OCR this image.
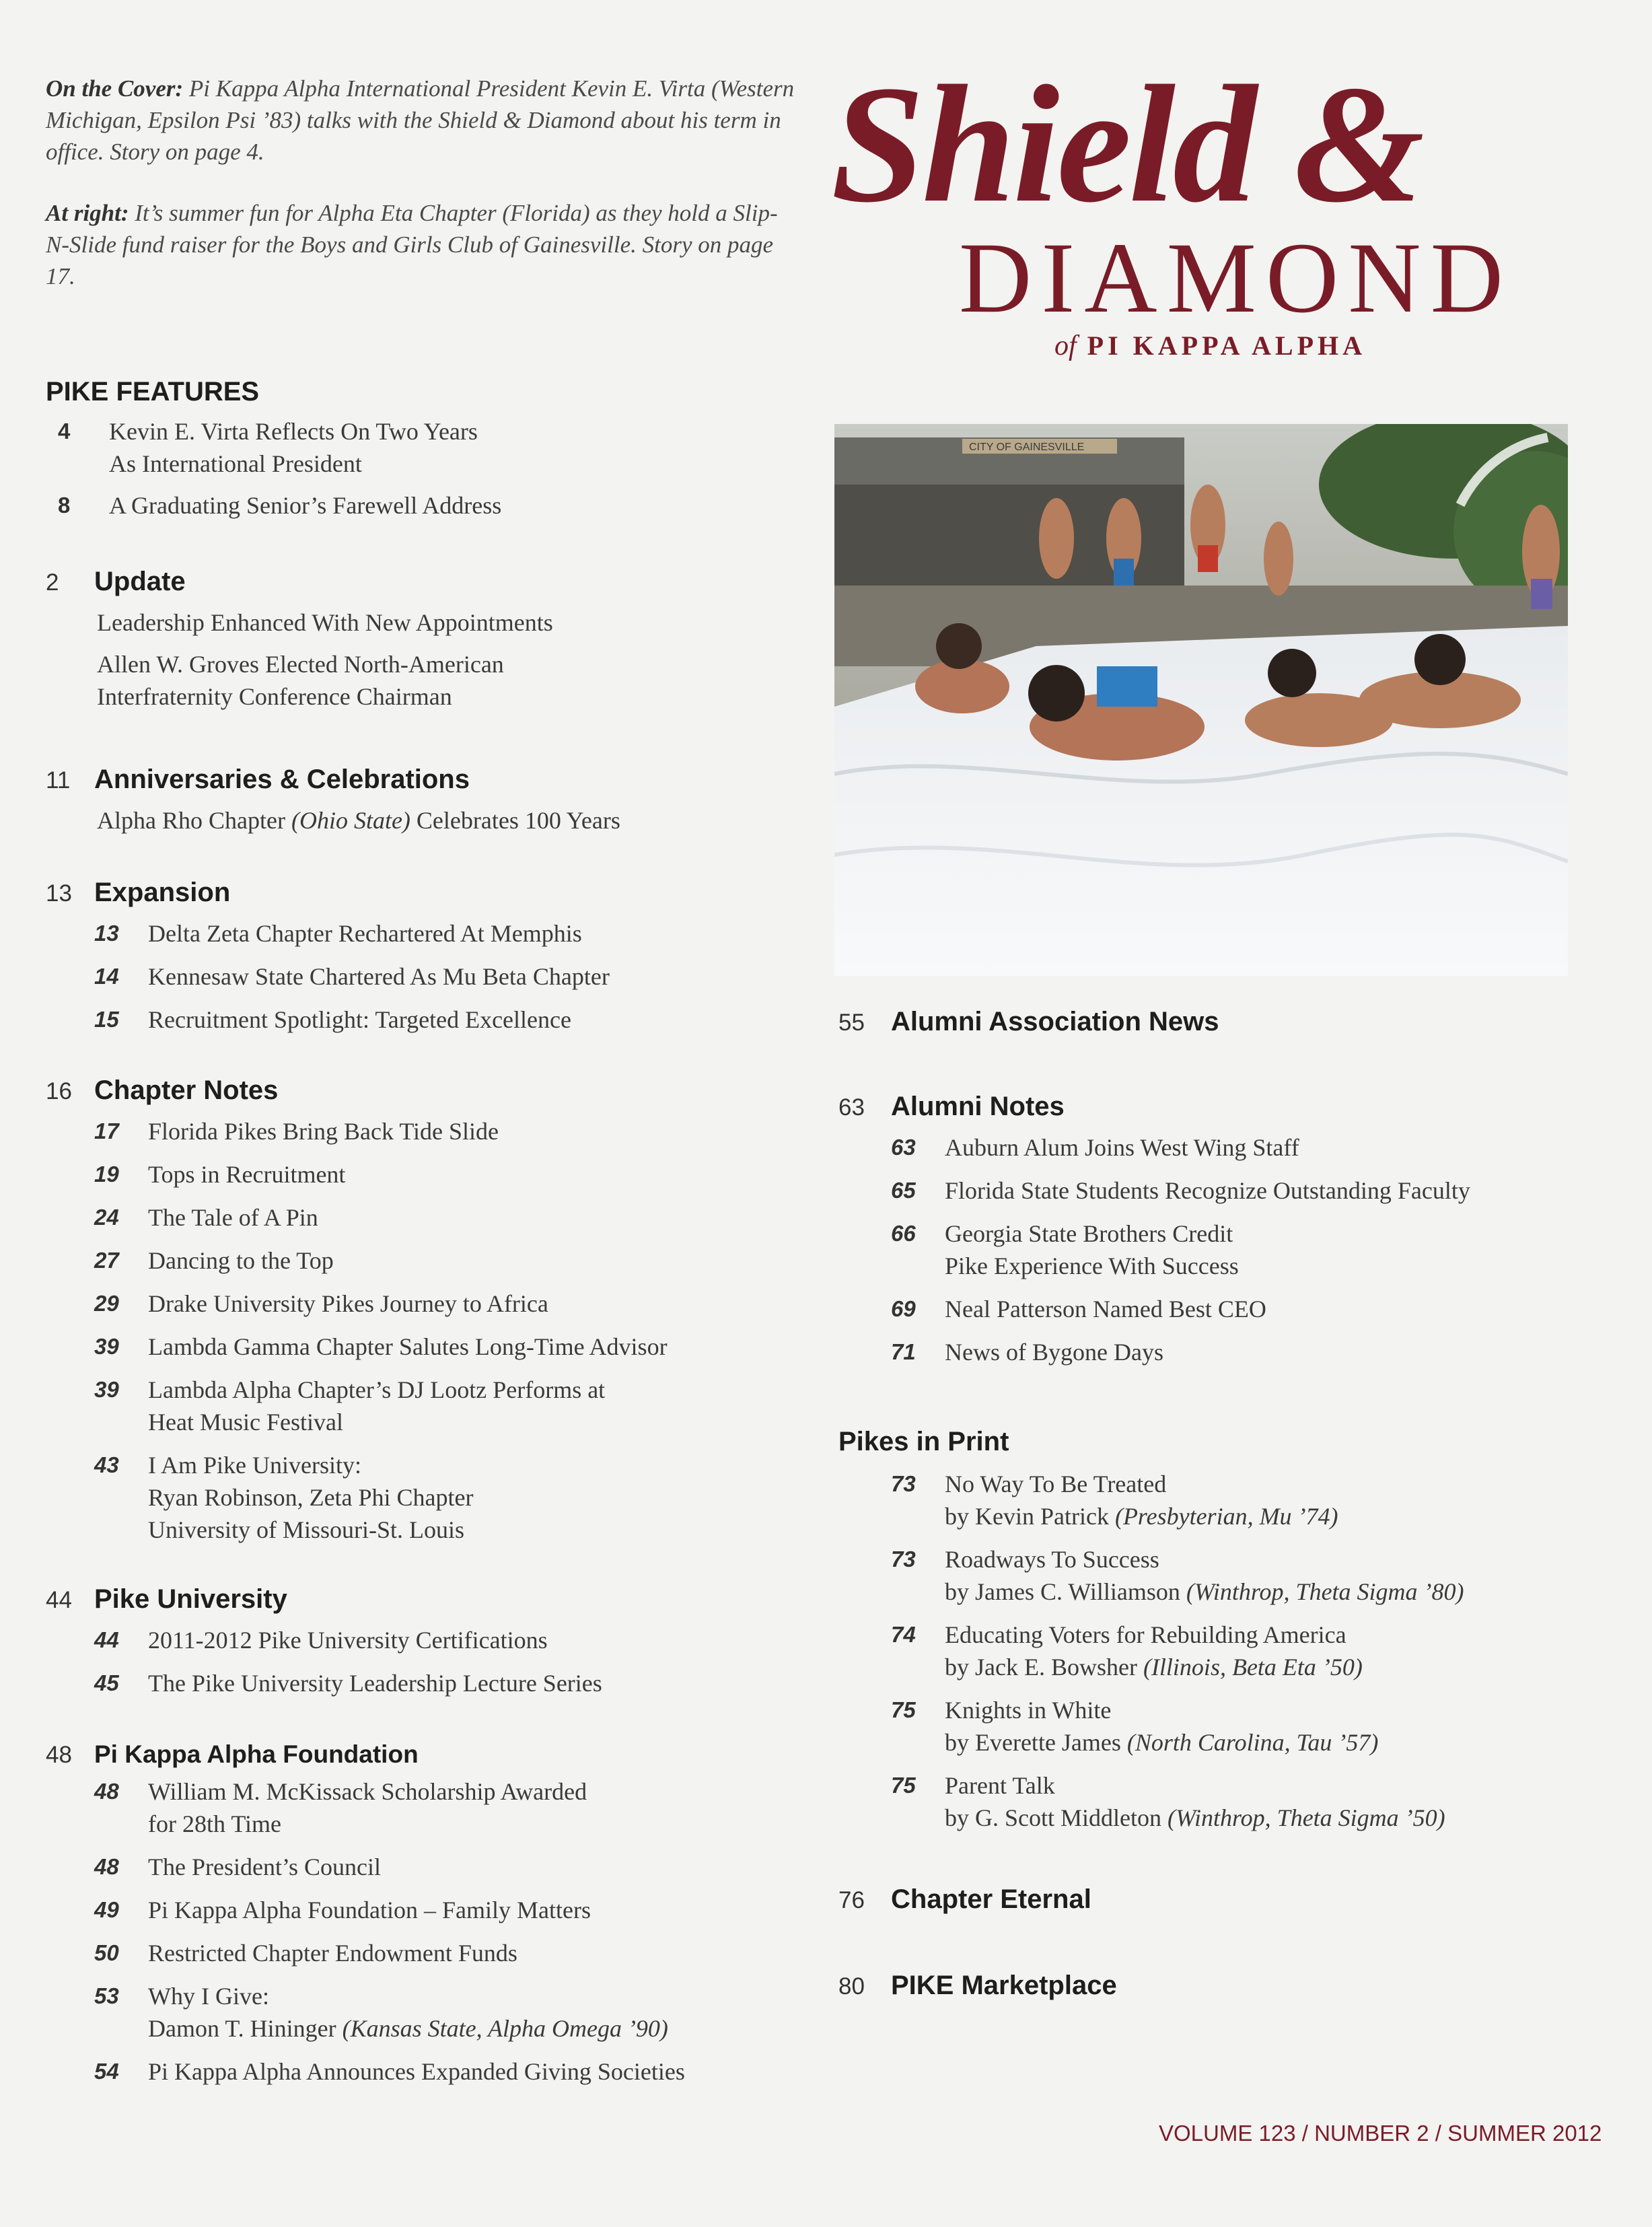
On the Cover: Pi Kappa Alpha International President Kevin E. Virta (Western Michigan, Epsilon Psi ’83) talks with the Shield & Diamond about his term in office. Story on page 4.

At right: It’s summer fun for Alpha Eta Chapter (Florida) as they hold a Slip-N-Slide fund raiser for the Boys and Girls Club of Gainesville. Story on page 17.

Shield &
DIAMOND
of PI KAPPA ALPHA
CITY OF GAINESVILLE
PIKE FEATURES
4	Kevin E. Virta Reflects On Two Years
As International President
8	A Graduating Senior’s Farewell Address
2 Update
Leadership Enhanced With New Appointments
Allen W. Groves Elected North-American
Interfraternity Conference Chairman
11 Anniversaries & Celebrations
Alpha Rho Chapter (Ohio State) Celebrates 100 Years
13 Expansion
13	Delta Zeta Chapter Rechartered At Memphis
14	Kennesaw State Chartered As Mu Beta Chapter
15	Recruitment Spotlight: Targeted Excellence
16 Chapter Notes
17	Florida Pikes Bring Back Tide Slide
19	Tops in Recruitment
24	The Tale of A Pin
27	Dancing to the Top
29	Drake University Pikes Journey to Africa
39	Lambda Gamma Chapter Salutes Long-Time Advisor
39	Lambda Alpha Chapter’s DJ Lootz Performs at
Heat Music Festival
43	I Am Pike University:
Ryan Robinson, Zeta Phi Chapter
University of Missouri-St. Louis
44 Pike University
44	2011-2012 Pike University Certifications
45	The Pike University Leadership Lecture Series
48 Pi Kappa Alpha Foundation
48	William M. McKissack Scholarship Awarded
for 28th Time
48	The President’s Council
49	Pi Kappa Alpha Foundation – Family Matters
50	Restricted Chapter Endowment Funds
53	Why I Give:
Damon T. Hininger (Kansas State, Alpha Omega ’90)
54	Pi Kappa Alpha Announces Expanded Giving Societies
55 Alumni Association News
63 Alumni Notes
63	Auburn Alum Joins West Wing Staff
65	Florida State Students Recognize Outstanding Faculty
66	Georgia State Brothers Credit
Pike Experience With Success
69	Neal Patterson Named Best CEO
71	News of Bygone Days
Pikes in Print
73	No Way To Be Treated
by Kevin Patrick (Presbyterian, Mu ’74)
73	Roadways To Success
by James C. Williamson (Winthrop, Theta Sigma ’80)
74	Educating Voters for Rebuilding America
by Jack E. Bowsher (Illinois, Beta Eta ’50)
75	Knights in White
by Everette James (North Carolina, Tau ’57)
75	Parent Talk
by G. Scott Middleton (Winthrop, Theta Sigma ’50)
76 Chapter Eternal
80 PIKE Marketplace
VOLUME 123 / NUMBER 2 / SUMMER 2012
